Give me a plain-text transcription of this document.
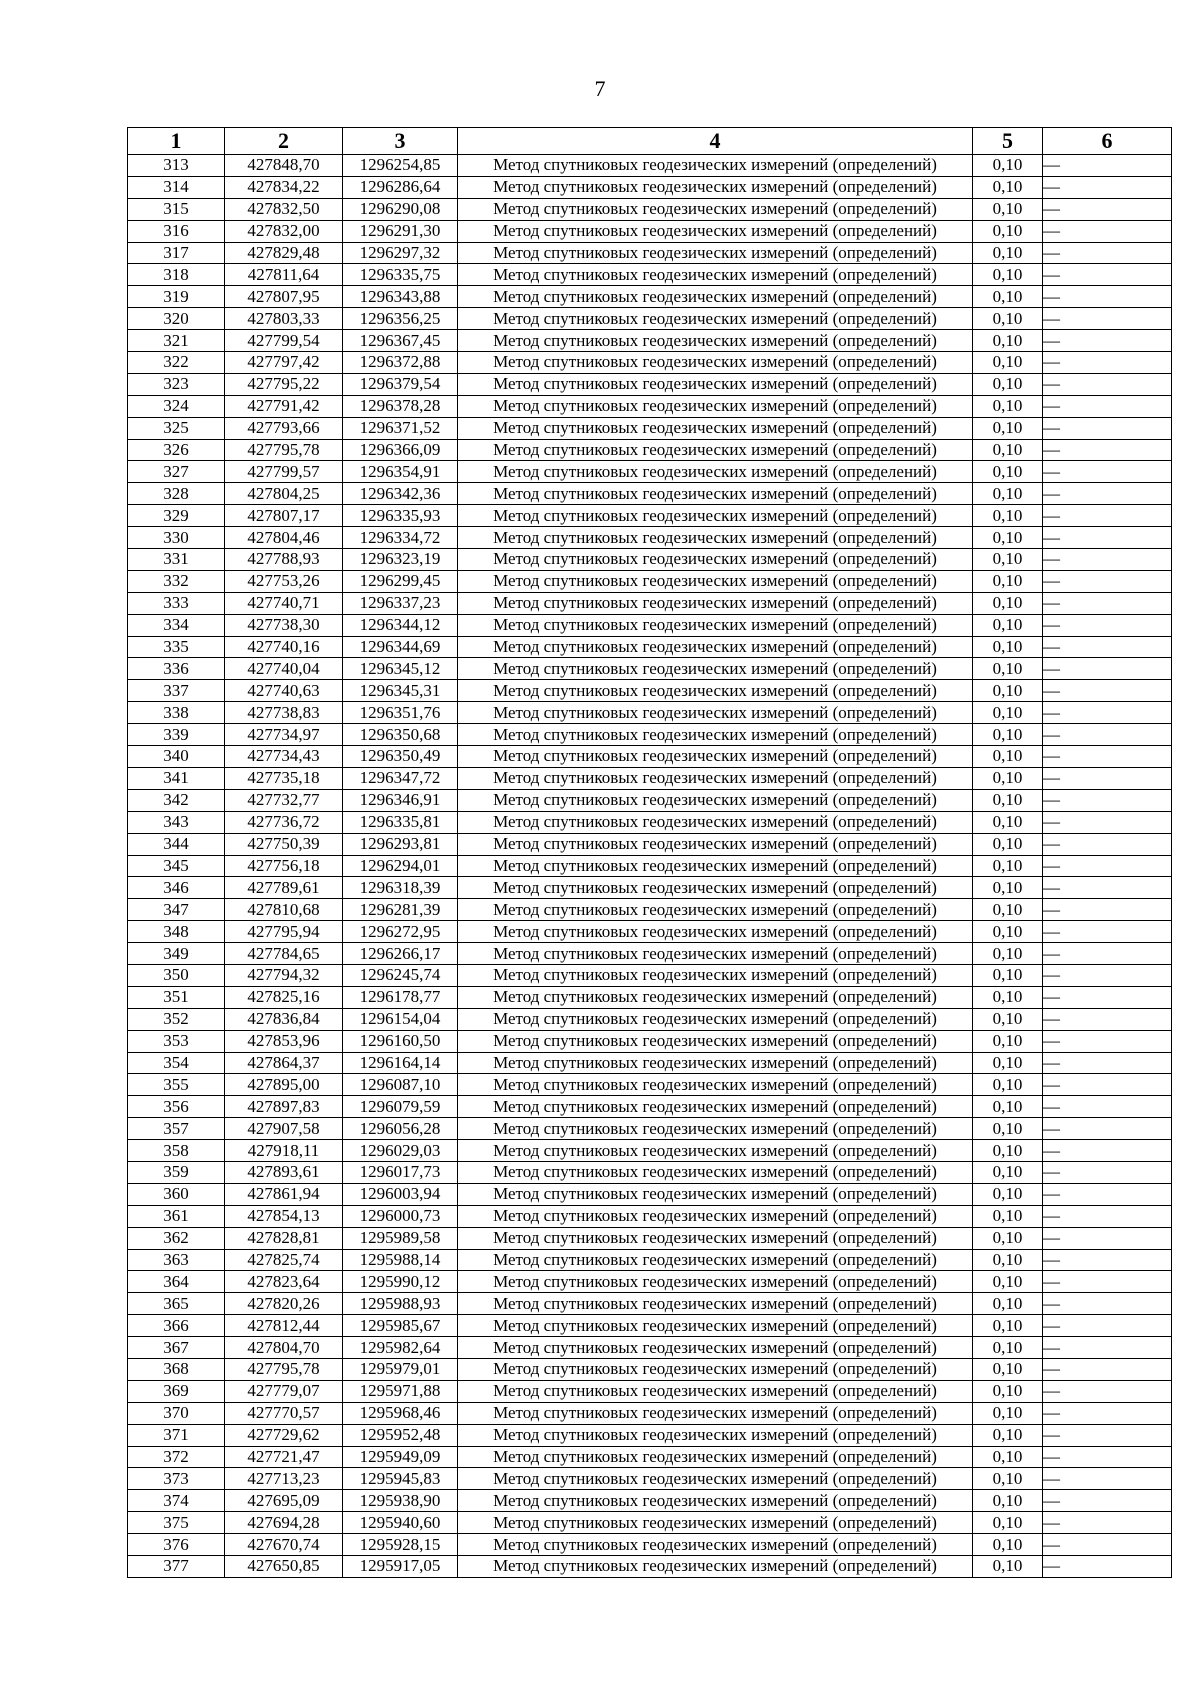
7
1	2	3	4	5	6
313	427848,70	1296254,85	Метод спутниковых геодезических измерений (определений)	0,10	—
314	427834,22	1296286,64	Метод спутниковых геодезических измерений (определений)	0,10	—
315	427832,50	1296290,08	Метод спутниковых геодезических измерений (определений)	0,10	—
316	427832,00	1296291,30	Метод спутниковых геодезических измерений (определений)	0,10	—
317	427829,48	1296297,32	Метод спутниковых геодезических измерений (определений)	0,10	—
318	427811,64	1296335,75	Метод спутниковых геодезических измерений (определений)	0,10	—
319	427807,95	1296343,88	Метод спутниковых геодезических измерений (определений)	0,10	—
320	427803,33	1296356,25	Метод спутниковых геодезических измерений (определений)	0,10	—
321	427799,54	1296367,45	Метод спутниковых геодезических измерений (определений)	0,10	—
322	427797,42	1296372,88	Метод спутниковых геодезических измерений (определений)	0,10	—
323	427795,22	1296379,54	Метод спутниковых геодезических измерений (определений)	0,10	—
324	427791,42	1296378,28	Метод спутниковых геодезических измерений (определений)	0,10	—
325	427793,66	1296371,52	Метод спутниковых геодезических измерений (определений)	0,10	—
326	427795,78	1296366,09	Метод спутниковых геодезических измерений (определений)	0,10	—
327	427799,57	1296354,91	Метод спутниковых геодезических измерений (определений)	0,10	—
328	427804,25	1296342,36	Метод спутниковых геодезических измерений (определений)	0,10	—
329	427807,17	1296335,93	Метод спутниковых геодезических измерений (определений)	0,10	—
330	427804,46	1296334,72	Метод спутниковых геодезических измерений (определений)	0,10	—
331	427788,93	1296323,19	Метод спутниковых геодезических измерений (определений)	0,10	—
332	427753,26	1296299,45	Метод спутниковых геодезических измерений (определений)	0,10	—
333	427740,71	1296337,23	Метод спутниковых геодезических измерений (определений)	0,10	—
334	427738,30	1296344,12	Метод спутниковых геодезических измерений (определений)	0,10	—
335	427740,16	1296344,69	Метод спутниковых геодезических измерений (определений)	0,10	—
336	427740,04	1296345,12	Метод спутниковых геодезических измерений (определений)	0,10	—
337	427740,63	1296345,31	Метод спутниковых геодезических измерений (определений)	0,10	—
338	427738,83	1296351,76	Метод спутниковых геодезических измерений (определений)	0,10	—
339	427734,97	1296350,68	Метод спутниковых геодезических измерений (определений)	0,10	—
340	427734,43	1296350,49	Метод спутниковых геодезических измерений (определений)	0,10	—
341	427735,18	1296347,72	Метод спутниковых геодезических измерений (определений)	0,10	—
342	427732,77	1296346,91	Метод спутниковых геодезических измерений (определений)	0,10	—
343	427736,72	1296335,81	Метод спутниковых геодезических измерений (определений)	0,10	—
344	427750,39	1296293,81	Метод спутниковых геодезических измерений (определений)	0,10	—
345	427756,18	1296294,01	Метод спутниковых геодезических измерений (определений)	0,10	—
346	427789,61	1296318,39	Метод спутниковых геодезических измерений (определений)	0,10	—
347	427810,68	1296281,39	Метод спутниковых геодезических измерений (определений)	0,10	—
348	427795,94	1296272,95	Метод спутниковых геодезических измерений (определений)	0,10	—
349	427784,65	1296266,17	Метод спутниковых геодезических измерений (определений)	0,10	—
350	427794,32	1296245,74	Метод спутниковых геодезических измерений (определений)	0,10	—
351	427825,16	1296178,77	Метод спутниковых геодезических измерений (определений)	0,10	—
352	427836,84	1296154,04	Метод спутниковых геодезических измерений (определений)	0,10	—
353	427853,96	1296160,50	Метод спутниковых геодезических измерений (определений)	0,10	—
354	427864,37	1296164,14	Метод спутниковых геодезических измерений (определений)	0,10	—
355	427895,00	1296087,10	Метод спутниковых геодезических измерений (определений)	0,10	—
356	427897,83	1296079,59	Метод спутниковых геодезических измерений (определений)	0,10	—
357	427907,58	1296056,28	Метод спутниковых геодезических измерений (определений)	0,10	—
358	427918,11	1296029,03	Метод спутниковых геодезических измерений (определений)	0,10	—
359	427893,61	1296017,73	Метод спутниковых геодезических измерений (определений)	0,10	—
360	427861,94	1296003,94	Метод спутниковых геодезических измерений (определений)	0,10	—
361	427854,13	1296000,73	Метод спутниковых геодезических измерений (определений)	0,10	—
362	427828,81	1295989,58	Метод спутниковых геодезических измерений (определений)	0,10	—
363	427825,74	1295988,14	Метод спутниковых геодезических измерений (определений)	0,10	—
364	427823,64	1295990,12	Метод спутниковых геодезических измерений (определений)	0,10	—
365	427820,26	1295988,93	Метод спутниковых геодезических измерений (определений)	0,10	—
366	427812,44	1295985,67	Метод спутниковых геодезических измерений (определений)	0,10	—
367	427804,70	1295982,64	Метод спутниковых геодезических измерений (определений)	0,10	—
368	427795,78	1295979,01	Метод спутниковых геодезических измерений (определений)	0,10	—
369	427779,07	1295971,88	Метод спутниковых геодезических измерений (определений)	0,10	—
370	427770,57	1295968,46	Метод спутниковых геодезических измерений (определений)	0,10	—
371	427729,62	1295952,48	Метод спутниковых геодезических измерений (определений)	0,10	—
372	427721,47	1295949,09	Метод спутниковых геодезических измерений (определений)	0,10	—
373	427713,23	1295945,83	Метод спутниковых геодезических измерений (определений)	0,10	—
374	427695,09	1295938,90	Метод спутниковых геодезических измерений (определений)	0,10	—
375	427694,28	1295940,60	Метод спутниковых геодезических измерений (определений)	0,10	—
376	427670,74	1295928,15	Метод спутниковых геодезических измерений (определений)	0,10	—
377	427650,85	1295917,05	Метод спутниковых геодезических измерений (определений)	0,10	—
